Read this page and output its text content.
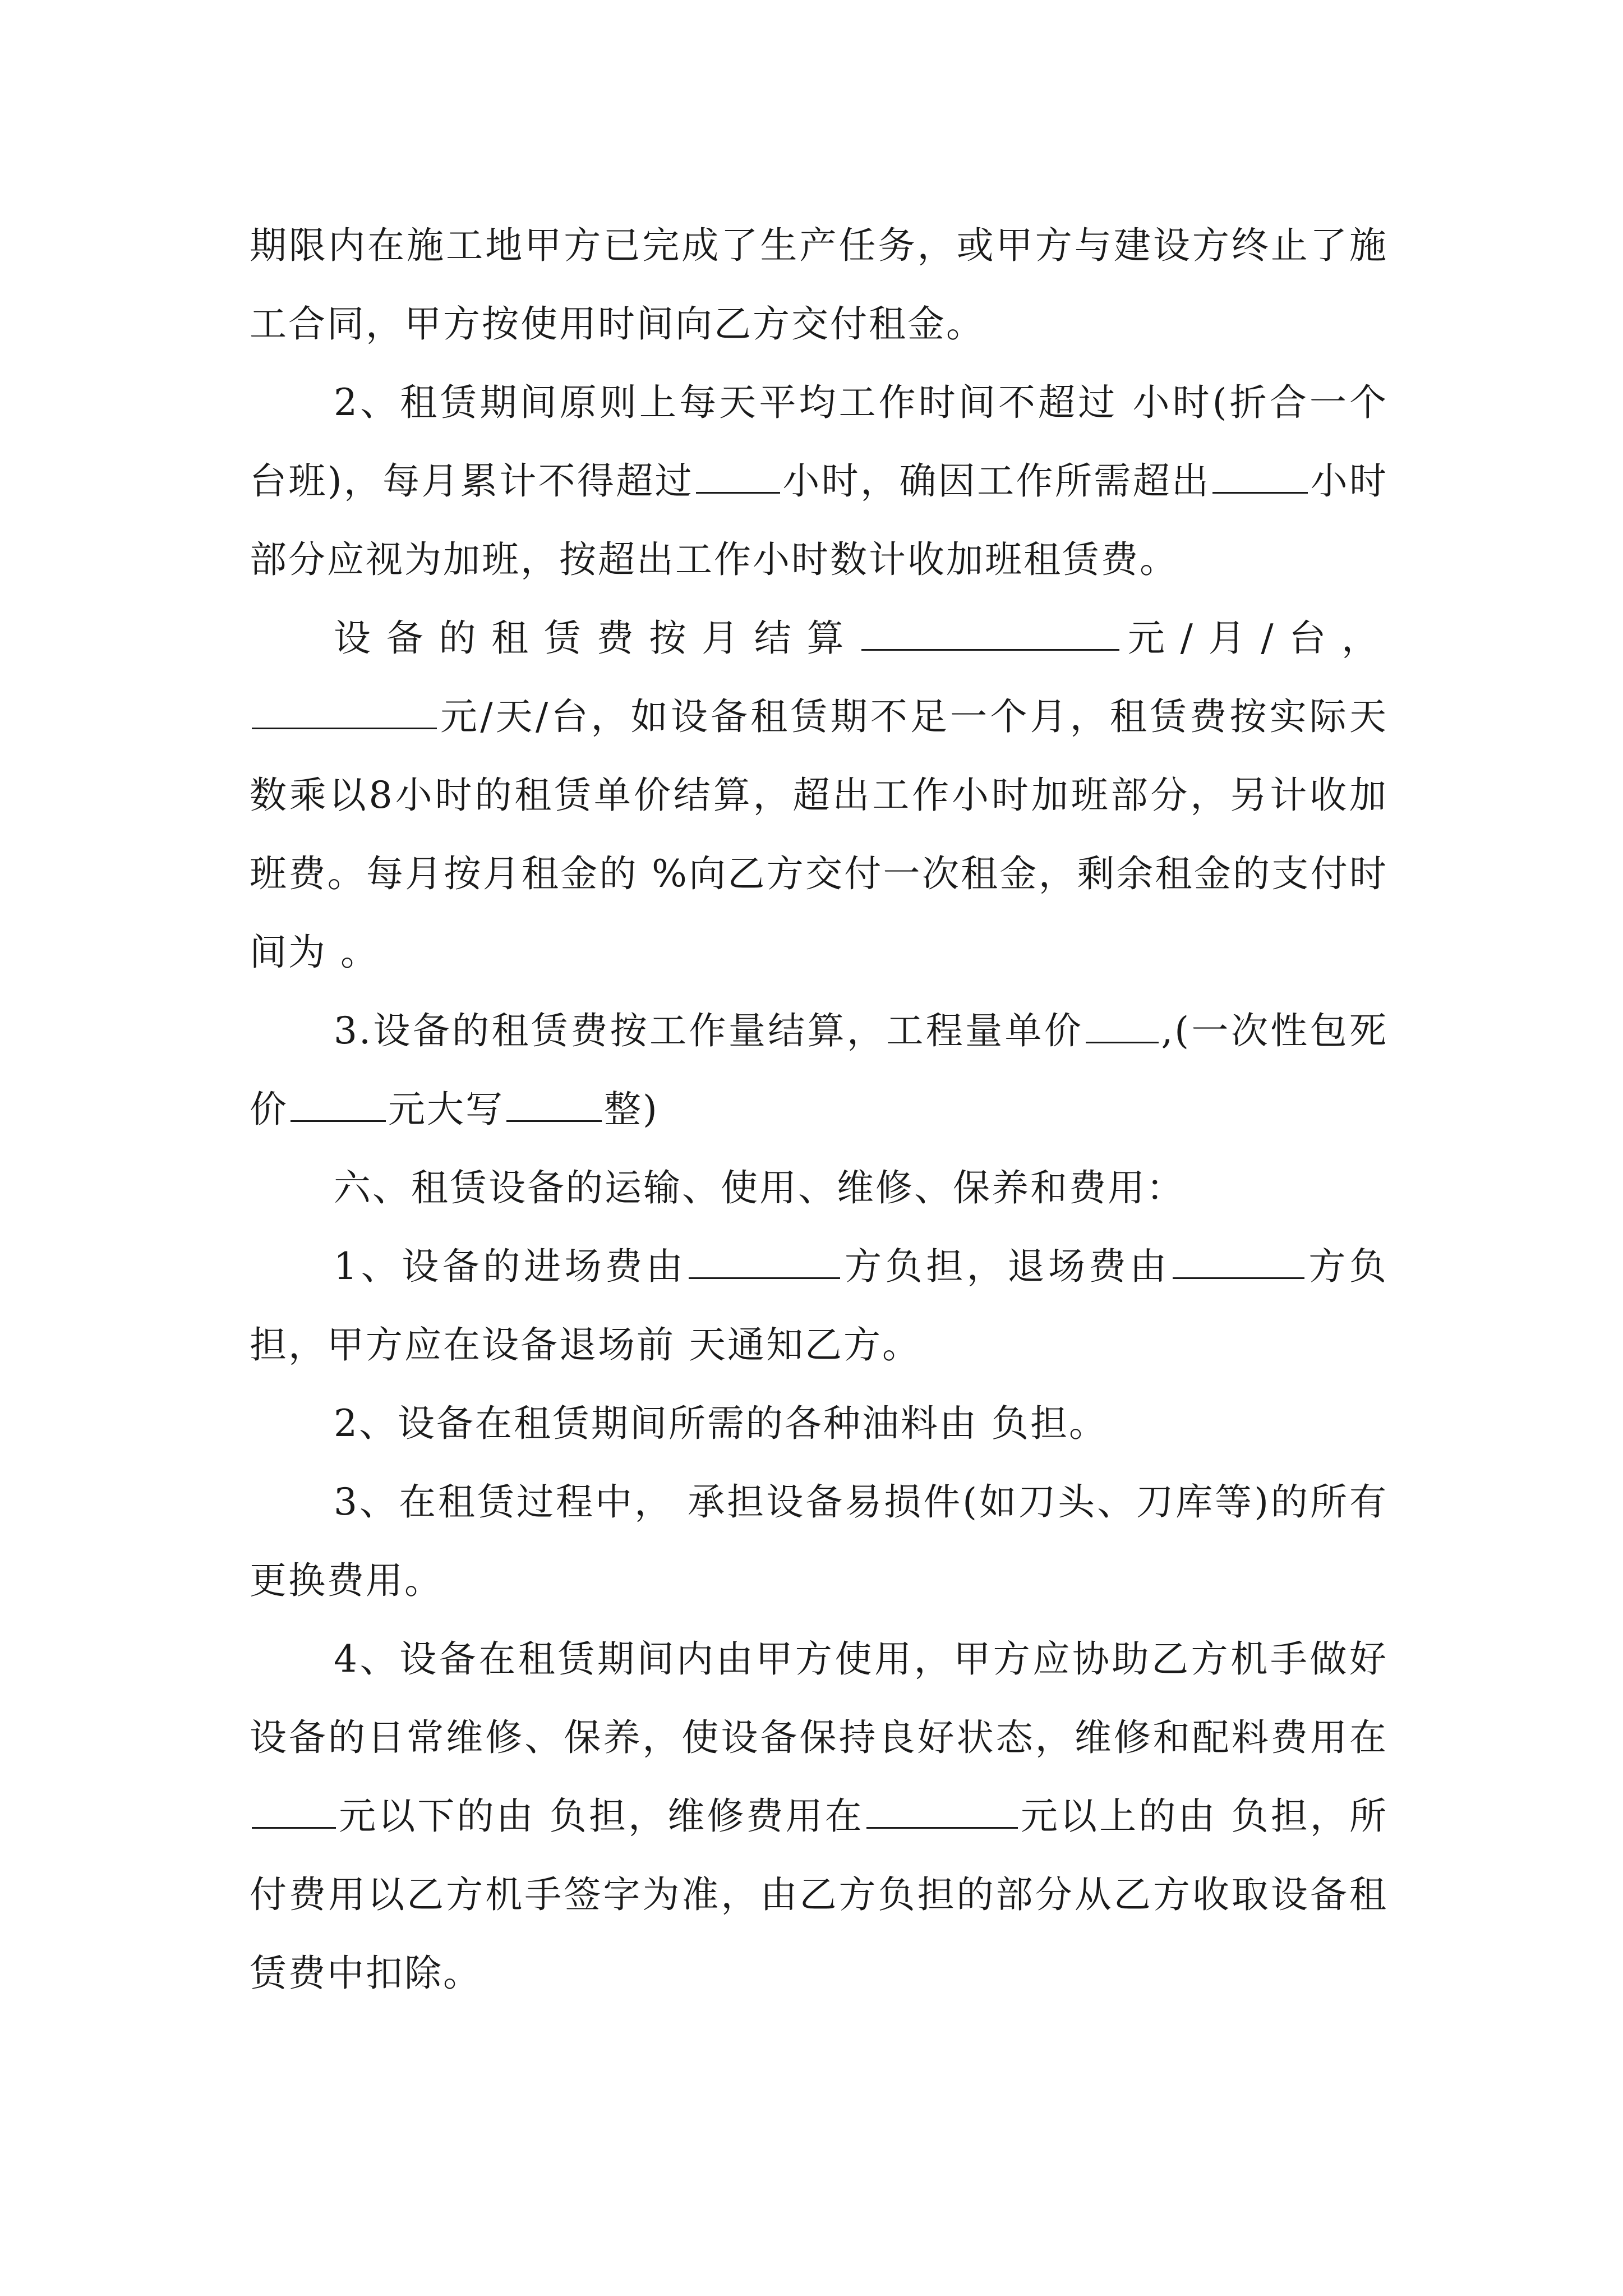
期限内在施工地甲方已完成了生产任务，或甲方与建设方终止了施工合同，甲方按使用时间向乙方交付租金。

2、租赁期间原则上每天平均工作时间不超过 小时(折合一个台班)，每月累计不得超过 小时，确因工作所需超出	小时部分应视为加班，按超出工作小时数计收加班租赁费。

设备的租赁费按月结算	元/月/台，元/天/台，如设备租赁期不足一个月，租赁费按实际天数乘以8小时的租赁单价结算，超出工作小时加班部分，另计收加班费。每月按月租金的 %向乙方交付一次租金，剩余租金的支付时间为 。

3.设备的租赁费按工作量结算，工程量单价 ,(一次性包死价	元大写	整)

六、租赁设备的运输、使用、维修、保养和费用：

1、设备的进场费由	方负担，退场费由	方负担，甲方应在设备退场前 天通知乙方。

2、设备在租赁期间所需的各种油料由 负担。

3、在租赁过程中， 承担设备易损件(如刀头、刀库等)的所有更换费用。

4、设备在租赁期间内由甲方使用，甲方应协助乙方机手做好设备的日常维修、保养，使设备保持良好状态，维修和配料费用在元以下的由 负担，维修费用在	元以上的由 负担，所付费用以乙方机手签字为准，由乙方负担的部分从乙方收取设备租赁费中扣除。
